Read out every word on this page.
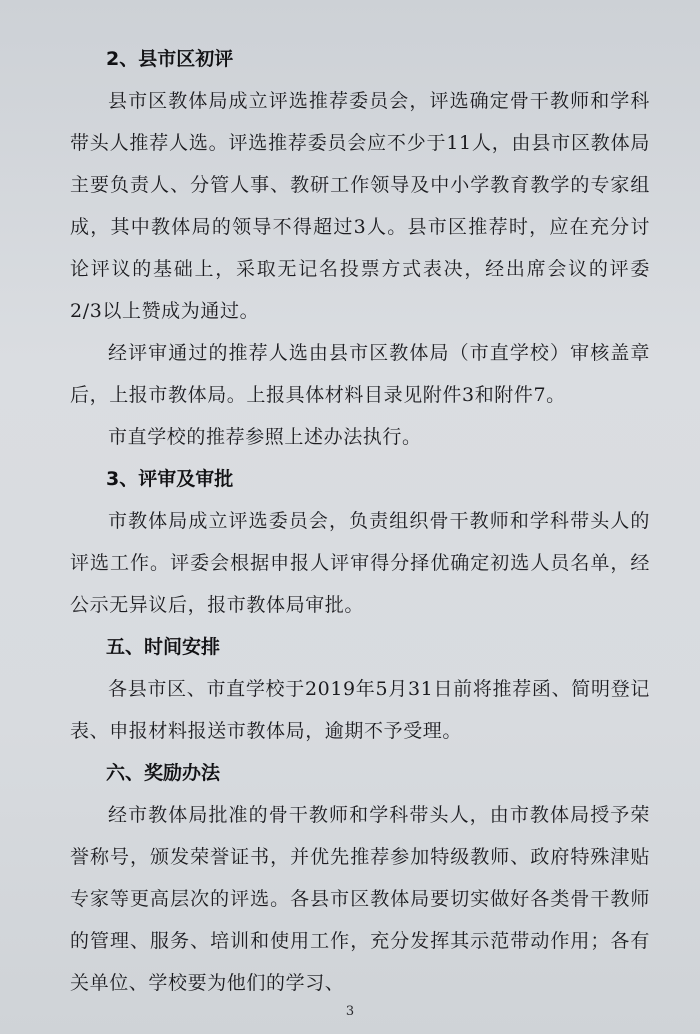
2、县市区初评

县市区教体局成立评选推荐委员会，评选确定骨干教师和学科带头人推荐人选。评选推荐委员会应不少于11人，由县市区教体局主要负责人、分管人事、教研工作领导及中小学教育教学的专家组成，其中教体局的领导不得超过3人。县市区推荐时，应在充分讨论评议的基础上，采取无记名投票方式表决，经出席会议的评委2/3以上赞成为通过。

经评审通过的推荐人选由县市区教体局（市直学校）审核盖章后，上报市教体局。上报具体材料目录见附件3和附件7。

市直学校的推荐参照上述办法执行。

3、评审及审批

市教体局成立评选委员会，负责组织骨干教师和学科带头人的评选工作。评委会根据申报人评审得分择优确定初选人员名单，经公示无异议后，报市教体局审批。

五、时间安排

各县市区、市直学校于2019年5月31日前将推荐函、简明登记表、申报材料报送市教体局，逾期不予受理。

六、奖励办法

经市教体局批准的骨干教师和学科带头人，由市教体局授予荣誉称号，颁发荣誉证书，并优先推荐参加特级教师、政府特殊津贴专家等更高层次的评选。各县市区教体局要切实做好各类骨干教师的管理、服务、培训和使用工作，充分发挥其示范带动作用；各有关单位、学校要为他们的学习、

3
